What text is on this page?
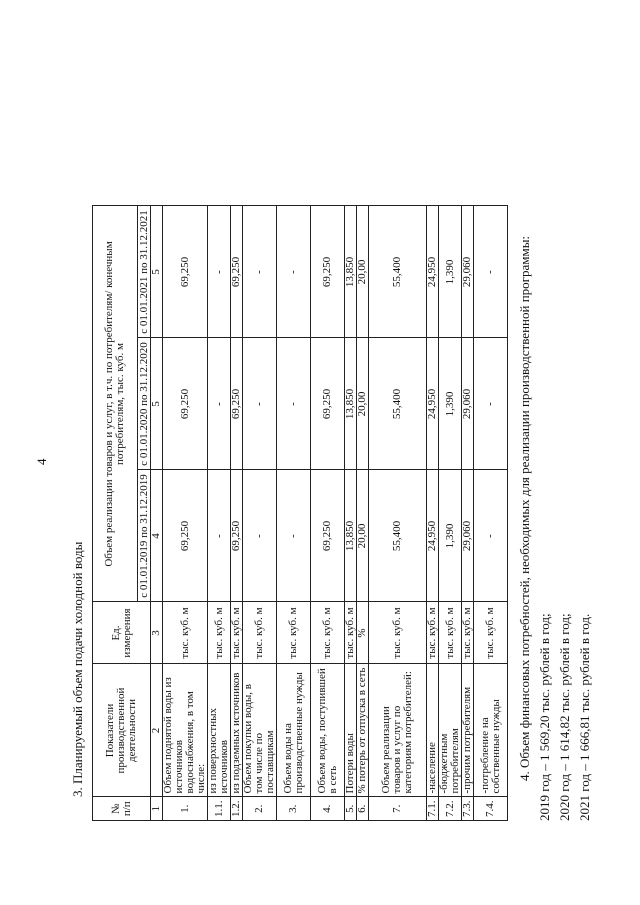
4
3. Планируемый объем подачи холодной воды
№ п/п	Показатели производственной деятельности	Ед. измерения	Объем реализации товаров и услуг, в т.ч. по потребителям/ конечным потребителям, тыс. куб. м		
			с 01.01.2019 по 31.12.2019	с 01.01.2020 по 31.12.2020	с 01.01.2021 по 31.12.2021
1	2	3	4	5	5
1.	Объем поднятой воды из источников водоснабжения, в том числе:	тыс. куб. м	69,250	69,250	69,250
1.1.	из поверхностных источников	тыс. куб. м	-	-	-
1.2.	из подземных источников	тыс. куб. м	69,250	69,250	69,250
2.	Объем покупки воды, в том числе по поставщикам	тыс. куб. м	-	-	-
3.	Объем воды на производственные нужды	тыс. куб. м	-	-	-
4.	Объем воды, поступившей в сеть	тыс. куб. м	69,250	69,250	69,250
5.	Потери воды	тыс. куб. м	13,850	13,850	13,850
6.	% потерь от отпуска в сеть	%	20,00	20,00	20,00
7.	Объем реализации товаров и услуг по категориям потребителей:	тыс. куб. м	55,400	55,400	55,400
7.1.	-население	тыс. куб. м	24,950	24,950	24,950
7.2.	-бюджетным потребителям	тыс. куб. м	1,390	1,390	1,390
7.3.	-прочим потребителям	тыс. куб. м	29,060	29,060	29,060
7.4.	-потребление на собственные нужды	тыс. куб. м	-	-	- 4. Объем финансовых потребностей, необходимых для реализации производственной программы: 2019 год – 1 569,20 тыс. рублей в год; 2020 год – 1 614,82 тыс. рублей в год; 2021 год – 1 666,81 тыс. рублей в год.
